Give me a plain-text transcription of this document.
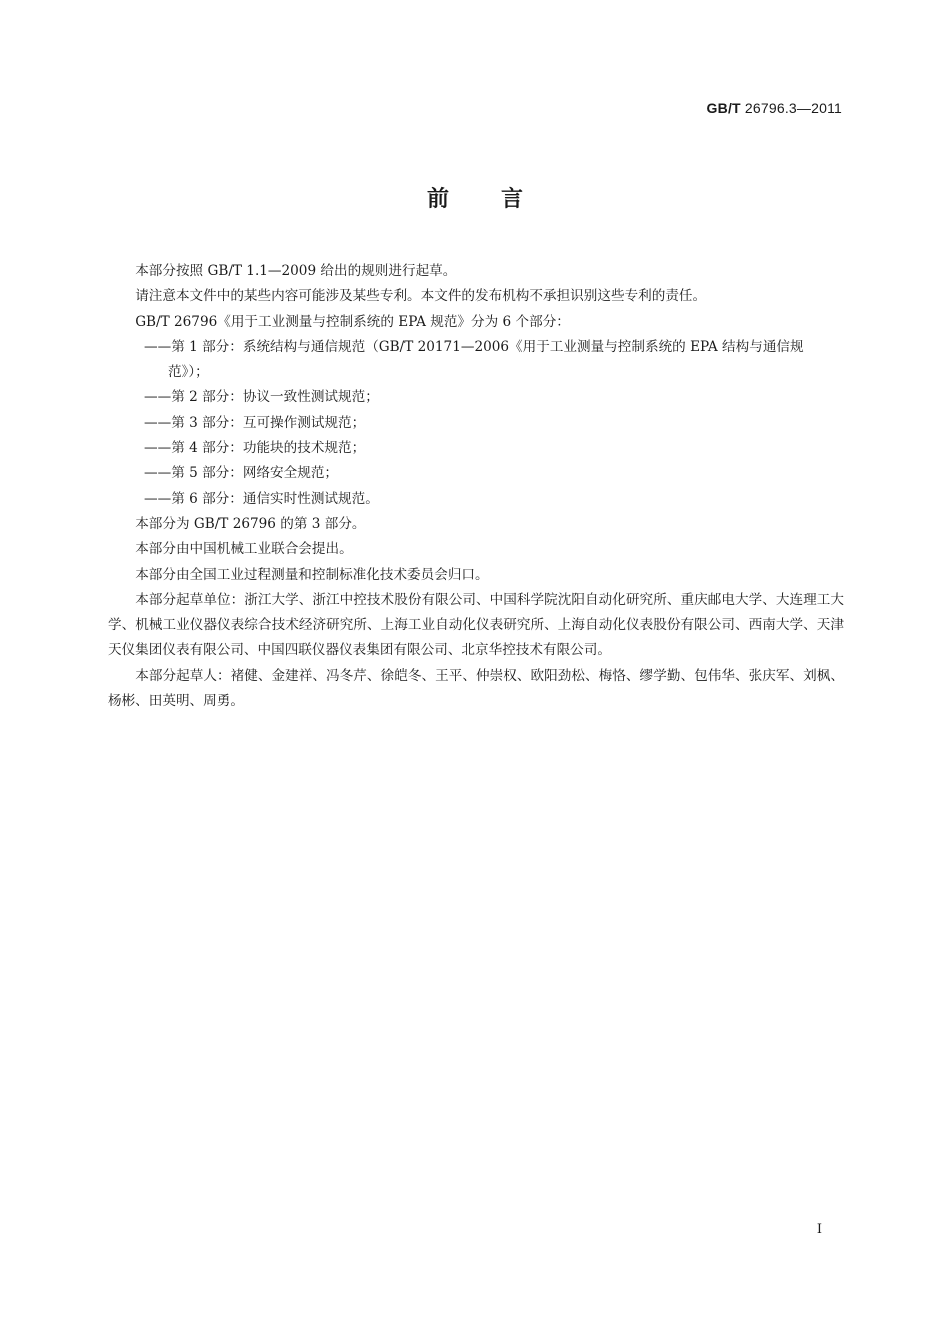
GB/T 26796.3—2011
前 言

本部分按照 GB/T 1.1—2009 给出的规则进行起草。

请注意本文件中的某些内容可能涉及某些专利。本文件的发布机构不承担识别这些专利的责任。

GB/T 26796《用于工业测量与控制系统的 EPA 规范》分为 6 个部分：

——第 1 部分：系统结构与通信规范（GB/T 20171—2006《用于工业测量与控制系统的 EPA 结构与通信规范》）；

——第 2 部分：协议一致性测试规范；

——第 3 部分：互可操作测试规范；

——第 4 部分：功能块的技术规范；

——第 5 部分：网络安全规范；

——第 6 部分：通信实时性测试规范。

本部分为 GB/T 26796 的第 3 部分。

本部分由中国机械工业联合会提出。

本部分由全国工业过程测量和控制标准化技术委员会归口。

本部分起草单位：浙江大学、浙江中控技术股份有限公司、中国科学院沈阳自动化研究所、重庆邮电大学、大连理工大学、机械工业仪器仪表综合技术经济研究所、上海工业自动化仪表研究所、上海自动化仪表股份有限公司、西南大学、天津天仪集团仪表有限公司、中国四联仪器仪表集团有限公司、北京华控技术有限公司。

本部分起草人：褚健、金建祥、冯冬芹、徐皑冬、王平、仲崇权、欧阳劲松、梅恪、缪学勤、包伟华、张庆军、刘枫、杨彬、田英明、周勇。

I
